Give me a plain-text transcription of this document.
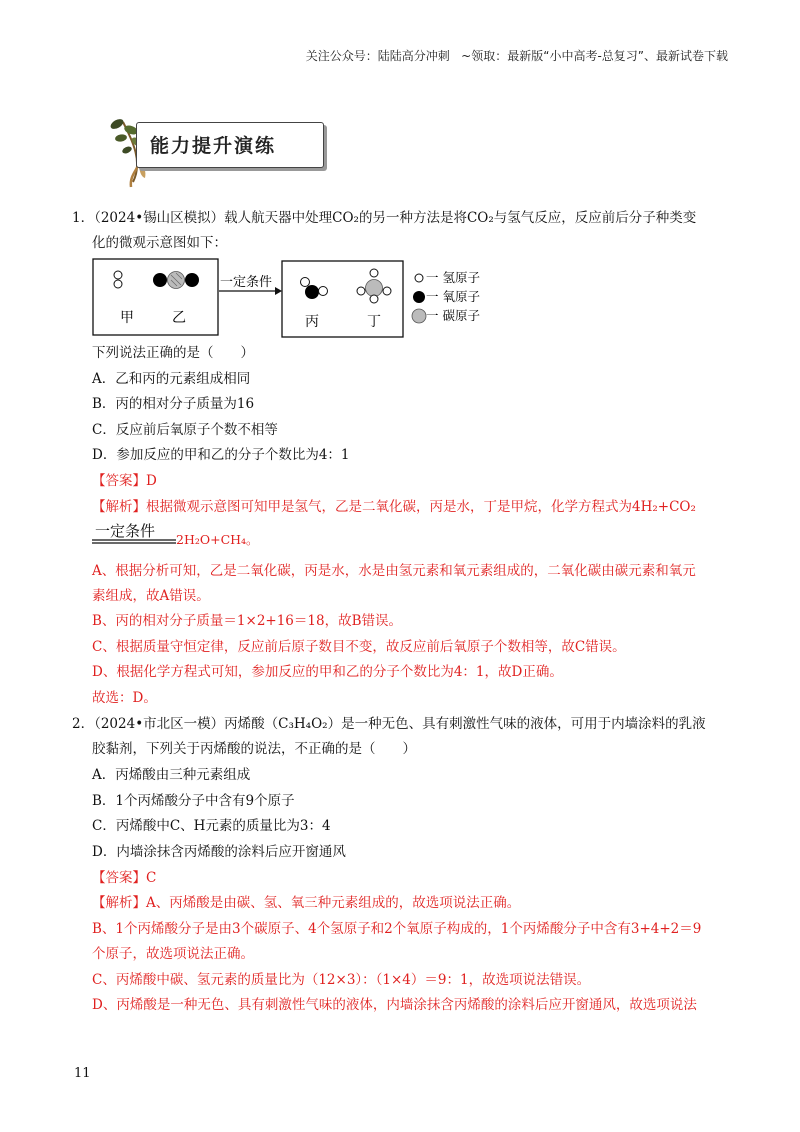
关注公众号：陆陆高分冲刺   ~领取：最新版“小中高考-总复习”、最新试卷下载
能力提升演练
1．（2024•锡山区模拟）载人航天器中处理CO₂的另一种方法是将CO₂与氢气反应，反应前后分子种类变
化的微观示意图如下：
甲	乙
一定条件
丙	丁
一 氢原子
一 氧原子
一 碳原子
下列说法正确的是（　　）
A．乙和丙的元素组成相同
B．丙的相对分子质量为16
C．反应前后氧原子个数不相等
D．参加反应的甲和乙的分子个数比为4：1
【答案】D
【解析】根据微观示意图可知甲是氢气，乙是二氧化碳，丙是水，丁是甲烷，化学方程式为4H₂+CO₂
一定条件 2H₂O+CH₄。
A、根据分析可知，乙是二氧化碳，丙是水，水是由氢元素和氧元素组成的，二氧化碳由碳元素和氧元
素组成，故A错误。
B、丙的相对分子质量＝1×2+16＝18，故B错误。
C、根据质量守恒定律，反应前后原子数目不变，故反应前后氧原子个数相等，故C错误。
D、根据化学方程式可知，参加反应的甲和乙的分子个数比为4：1，故D正确。
故选：D。
2．（2024•市北区一模）丙烯酸（C₃H₄O₂）是一种无色、具有刺激性气味的液体，可用于内墙涂料的乳液
胶黏剂，下列关于丙烯酸的说法，不正确的是（　　）
A．丙烯酸由三种元素组成
B．1个丙烯酸分子中含有9个原子
C．丙烯酸中C、H元素的质量比为3：4
D．内墙涂抹含丙烯酸的涂料后应开窗通风
【答案】C
【解析】A、丙烯酸是由碳、氢、氧三种元素组成的，故选项说法正确。
B、1个丙烯酸分子是由3个碳原子、4个氢原子和2个氧原子构成的，1个丙烯酸分子中含有3+4+2＝9
个原子，故选项说法正确。
C、丙烯酸中碳、氢元素的质量比为（12×3）：（1×4）＝9：1，故选项说法错误。
D、丙烯酸是一种无色、具有刺激性气味的液体，内墙涂抹含丙烯酸的涂料后应开窗通风，故选项说法
11
